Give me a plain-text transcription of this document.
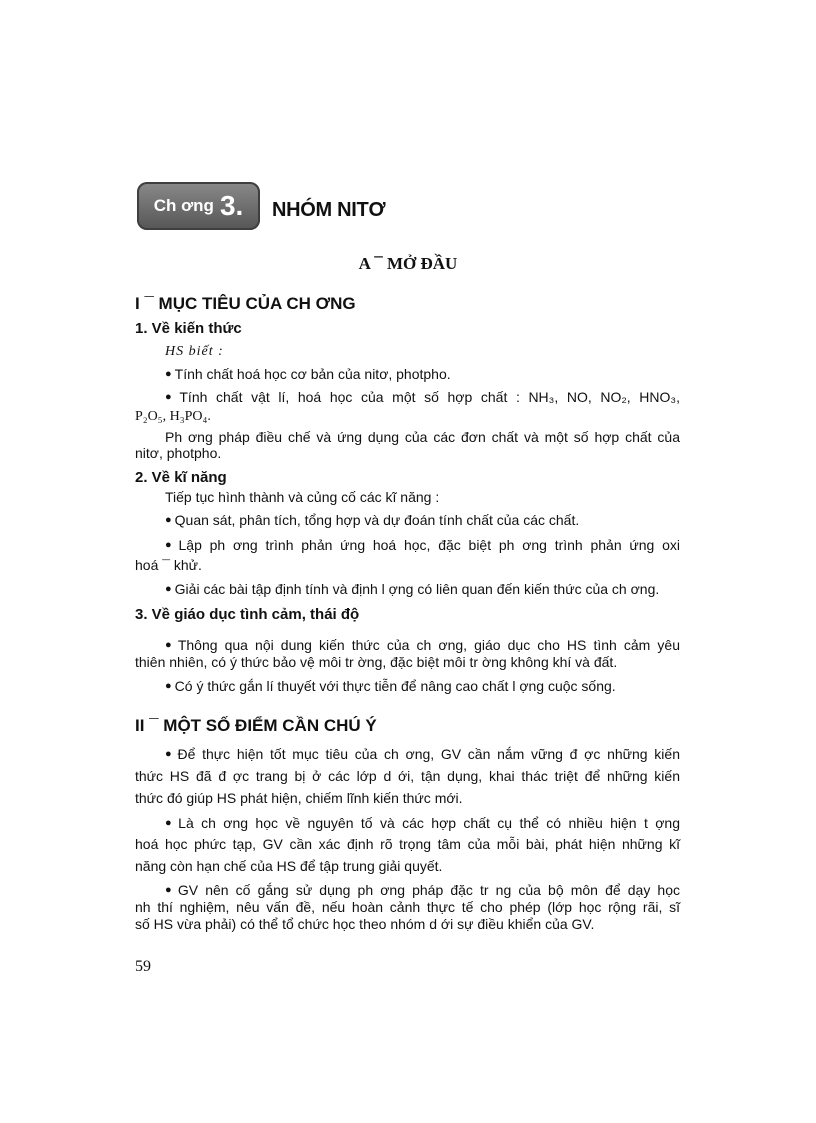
Ch ơng 3. NHÓM NITƠ
A ¯ MỞ ĐẦU
I ¯ MỤC TIÊU CỦA CH ƠNG
1. Về kiến thức
HS biết :
● Tính chất hoá học cơ bản của nitơ, photpho.
● Tính chất vật lí, hoá học của một số hợp chất : NH₃, NO, NO₂, HNO₃,
P₂O₅, H₃PO₄.
Ph ơng pháp điều chế và ứng dụng của các đơn chất và một số hợp chất của
nitơ, photpho.
2. Về kĩ năng
Tiếp tục hình thành và củng cố các kĩ năng :
● Quan sát, phân tích, tổng hợp và dự đoán tính chất của các chất.
● Lập ph ơng trình phản ứng hoá học, đặc biệt ph ơng trình phản ứng oxi
hoá ¯ khử.
● Giải các bài tập định tính và định l ợng có liên quan đến kiến thức của ch ơng.
3. Về giáo dục tình cảm, thái độ
● Thông qua nội dung kiến thức của ch ơng, giáo dục cho HS tình cảm yêu
thiên nhiên, có ý thức bảo vệ môi tr ờng, đặc biệt môi tr ờng không khí và đất.
● Có ý thức gắn lí thuyết với thực tiễn để nâng cao chất l ợng cuộc sống.
II ¯ MỘT SỐ ĐIỂM CẦN CHÚ Ý
● Để thực hiện tốt mục tiêu của ch ơng, GV cần nắm vững đ ợc những kiến
thức HS đã đ ợc trang bị ở các lớp d ới, tận dụng, khai thác triệt để những kiến
thức đó giúp HS phát hiện, chiếm lĩnh kiến thức mới.
● Là ch ơng học về nguyên tố và các hợp chất cụ thể có nhiều hiện t ợng
hoá học phức tạp, GV cần xác định rõ trọng tâm của mỗi bài, phát hiện những kĩ
năng còn hạn chế của HS để tập trung giải quyết.
● GV nên cố gắng sử dụng ph ơng pháp đặc tr ng của bộ môn để dạy học
nh thí nghiệm, nêu vấn đề, nếu hoàn cảnh thực tế cho phép (lớp học rộng rãi, sĩ
số HS vừa phải) có thể tổ chức học theo nhóm d ới sự điều khiển của GV.
59
